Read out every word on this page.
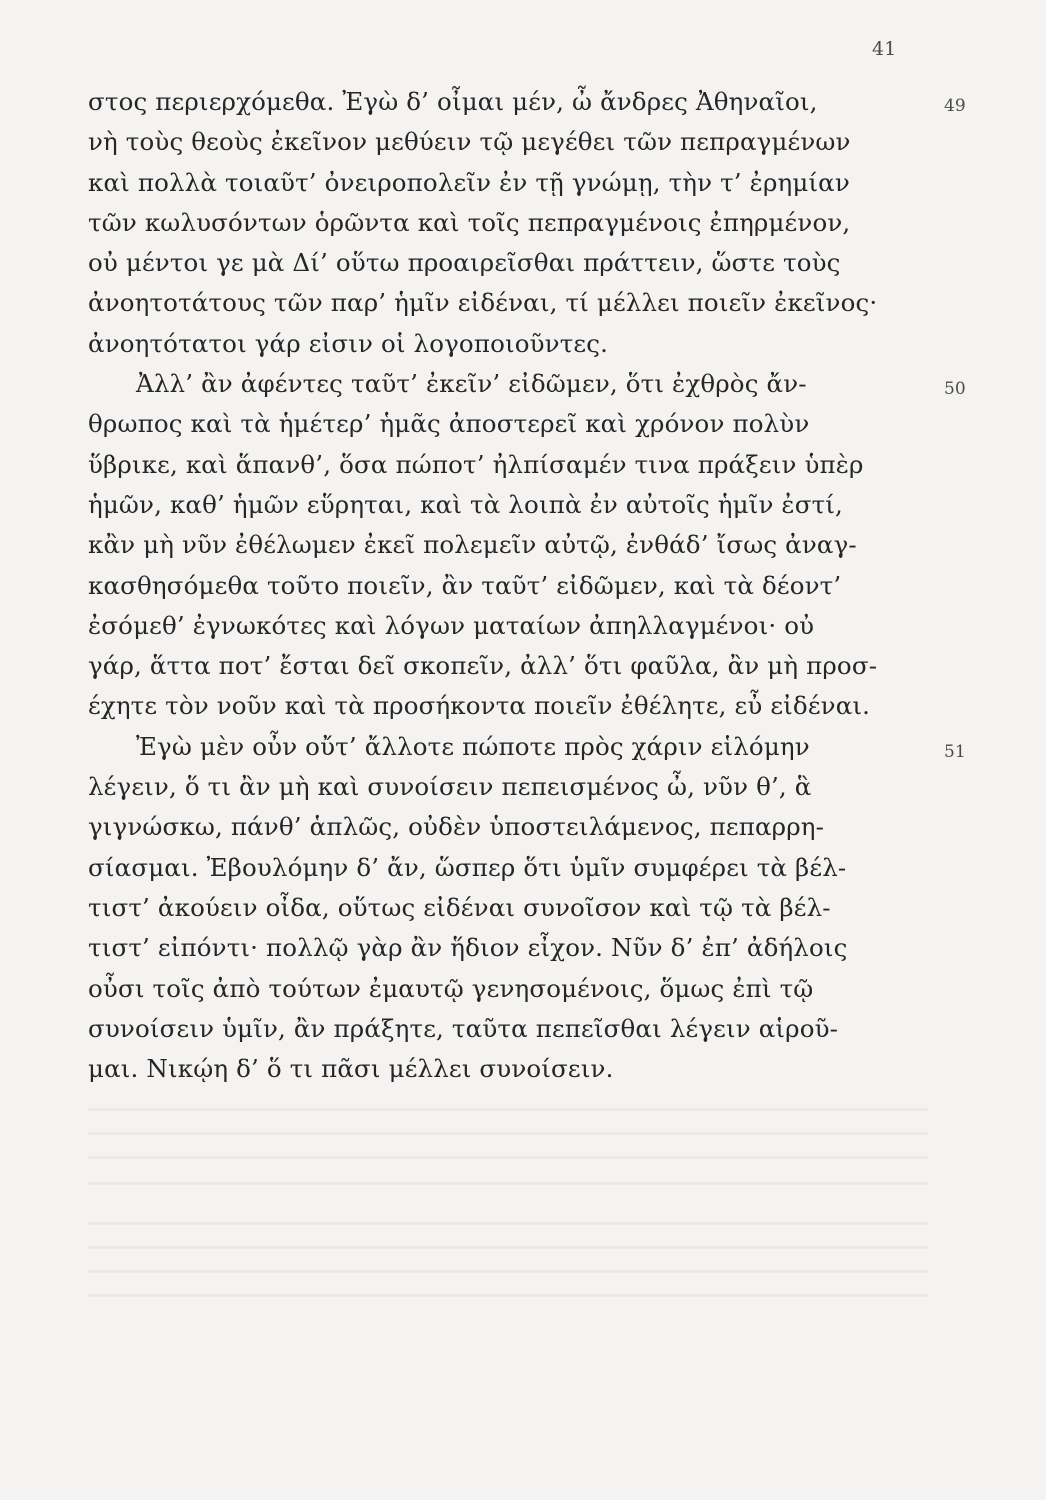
41
49
50
51
στος περιερχόμεθα. Ἐγὼ δ’ οἶμαι μέν, ὦ ἄνδρες Ἀθηναῖοι,
νὴ τοὺς θεοὺς ἐκεῖνον μεθύειν τῷ μεγέθει τῶν πεπραγμένων
καὶ πολλὰ τοιαῦτ’ ὀνειροπολεῖν ἐν τῇ γνώμῃ, τὴν τ’ ἐρημίαν
τῶν κωλυσόντων ὁρῶντα καὶ τοῖς πεπραγμένοις ἐπηρμένον,
οὐ μέντοι γε μὰ Δί’ οὕτω προαιρεῖσθαι πράττειν, ὥστε τοὺς
ἀνοητοτάτους τῶν παρ’ ἡμῖν εἰδέναι, τί μέλλει ποιεῖν ἐκεῖνος·
ἀνοητότατοι γάρ εἰσιν οἱ λογοποιοῦντες.
Ἀλλ’ ἂν ἀφέντες ταῦτ’ ἐκεῖν’ εἰδῶμεν, ὅτι ἐχθρὸς ἄν-
θρωπος καὶ τὰ ἡμέτερ’ ἡμᾶς ἀποστερεῖ καὶ χρόνον πολὺν
ὕβρικε, καὶ ἅπανθ’, ὅσα πώποτ’ ἠλπίσαμέν τινα πράξειν ὑπὲρ
ἡμῶν, καθ’ ἡμῶν εὕρηται, καὶ τὰ λοιπὰ ἐν αὐτοῖς ἡμῖν ἐστί,
κἂν μὴ νῦν ἐθέλωμεν ἐκεῖ πολεμεῖν αὐτῷ, ἐνθάδ’ ἴσως ἀναγ-
κασθησόμεθα τοῦτο ποιεῖν, ἂν ταῦτ’ εἰδῶμεν, καὶ τὰ δέοντ’
ἐσόμεθ’ ἐγνωκότες καὶ λόγων ματαίων ἀπηλλαγμένοι· οὐ
γάρ, ἅττα ποτ’ ἔσται δεῖ σκοπεῖν, ἀλλ’ ὅτι φαῦλα, ἂν μὴ προσ-
έχητε τὸν νοῦν καὶ τὰ προσήκοντα ποιεῖν ἐθέλητε, εὖ εἰδέναι.
Ἐγὼ μὲν οὖν οὔτ’ ἄλλοτε πώποτε πρὸς χάριν εἱλόμην
λέγειν, ὅ τι ἂν μὴ καὶ συνοίσειν πεπεισμένος ὦ, νῦν θ’, ἃ
γιγνώσκω, πάνθ’ ἁπλῶς, οὐδὲν ὑποστειλάμενος, πεπαρρη-
σίασμαι. Ἐβουλόμην δ’ ἄν, ὥσπερ ὅτι ὑμῖν συμφέρει τὰ βέλ-
τιστ’ ἀκούειν οἶδα, οὕτως εἰδέναι συνοῖσον καὶ τῷ τὰ βέλ-
τιστ’ εἰπόντι· πολλῷ γὰρ ἂν ἥδιον εἶχον. Νῦν δ’ ἐπ’ ἀδήλοις
οὖσι τοῖς ἀπὸ τούτων ἐμαυτῷ γενησομένοις, ὅμως ἐπὶ τῷ
συνοίσειν ὑμῖν, ἂν πράξητε, ταῦτα πεπεῖσθαι λέγειν αἱροῦ-
μαι. Νικῴη δ’ ὅ τι πᾶσι μέλλει συνοίσειν.
